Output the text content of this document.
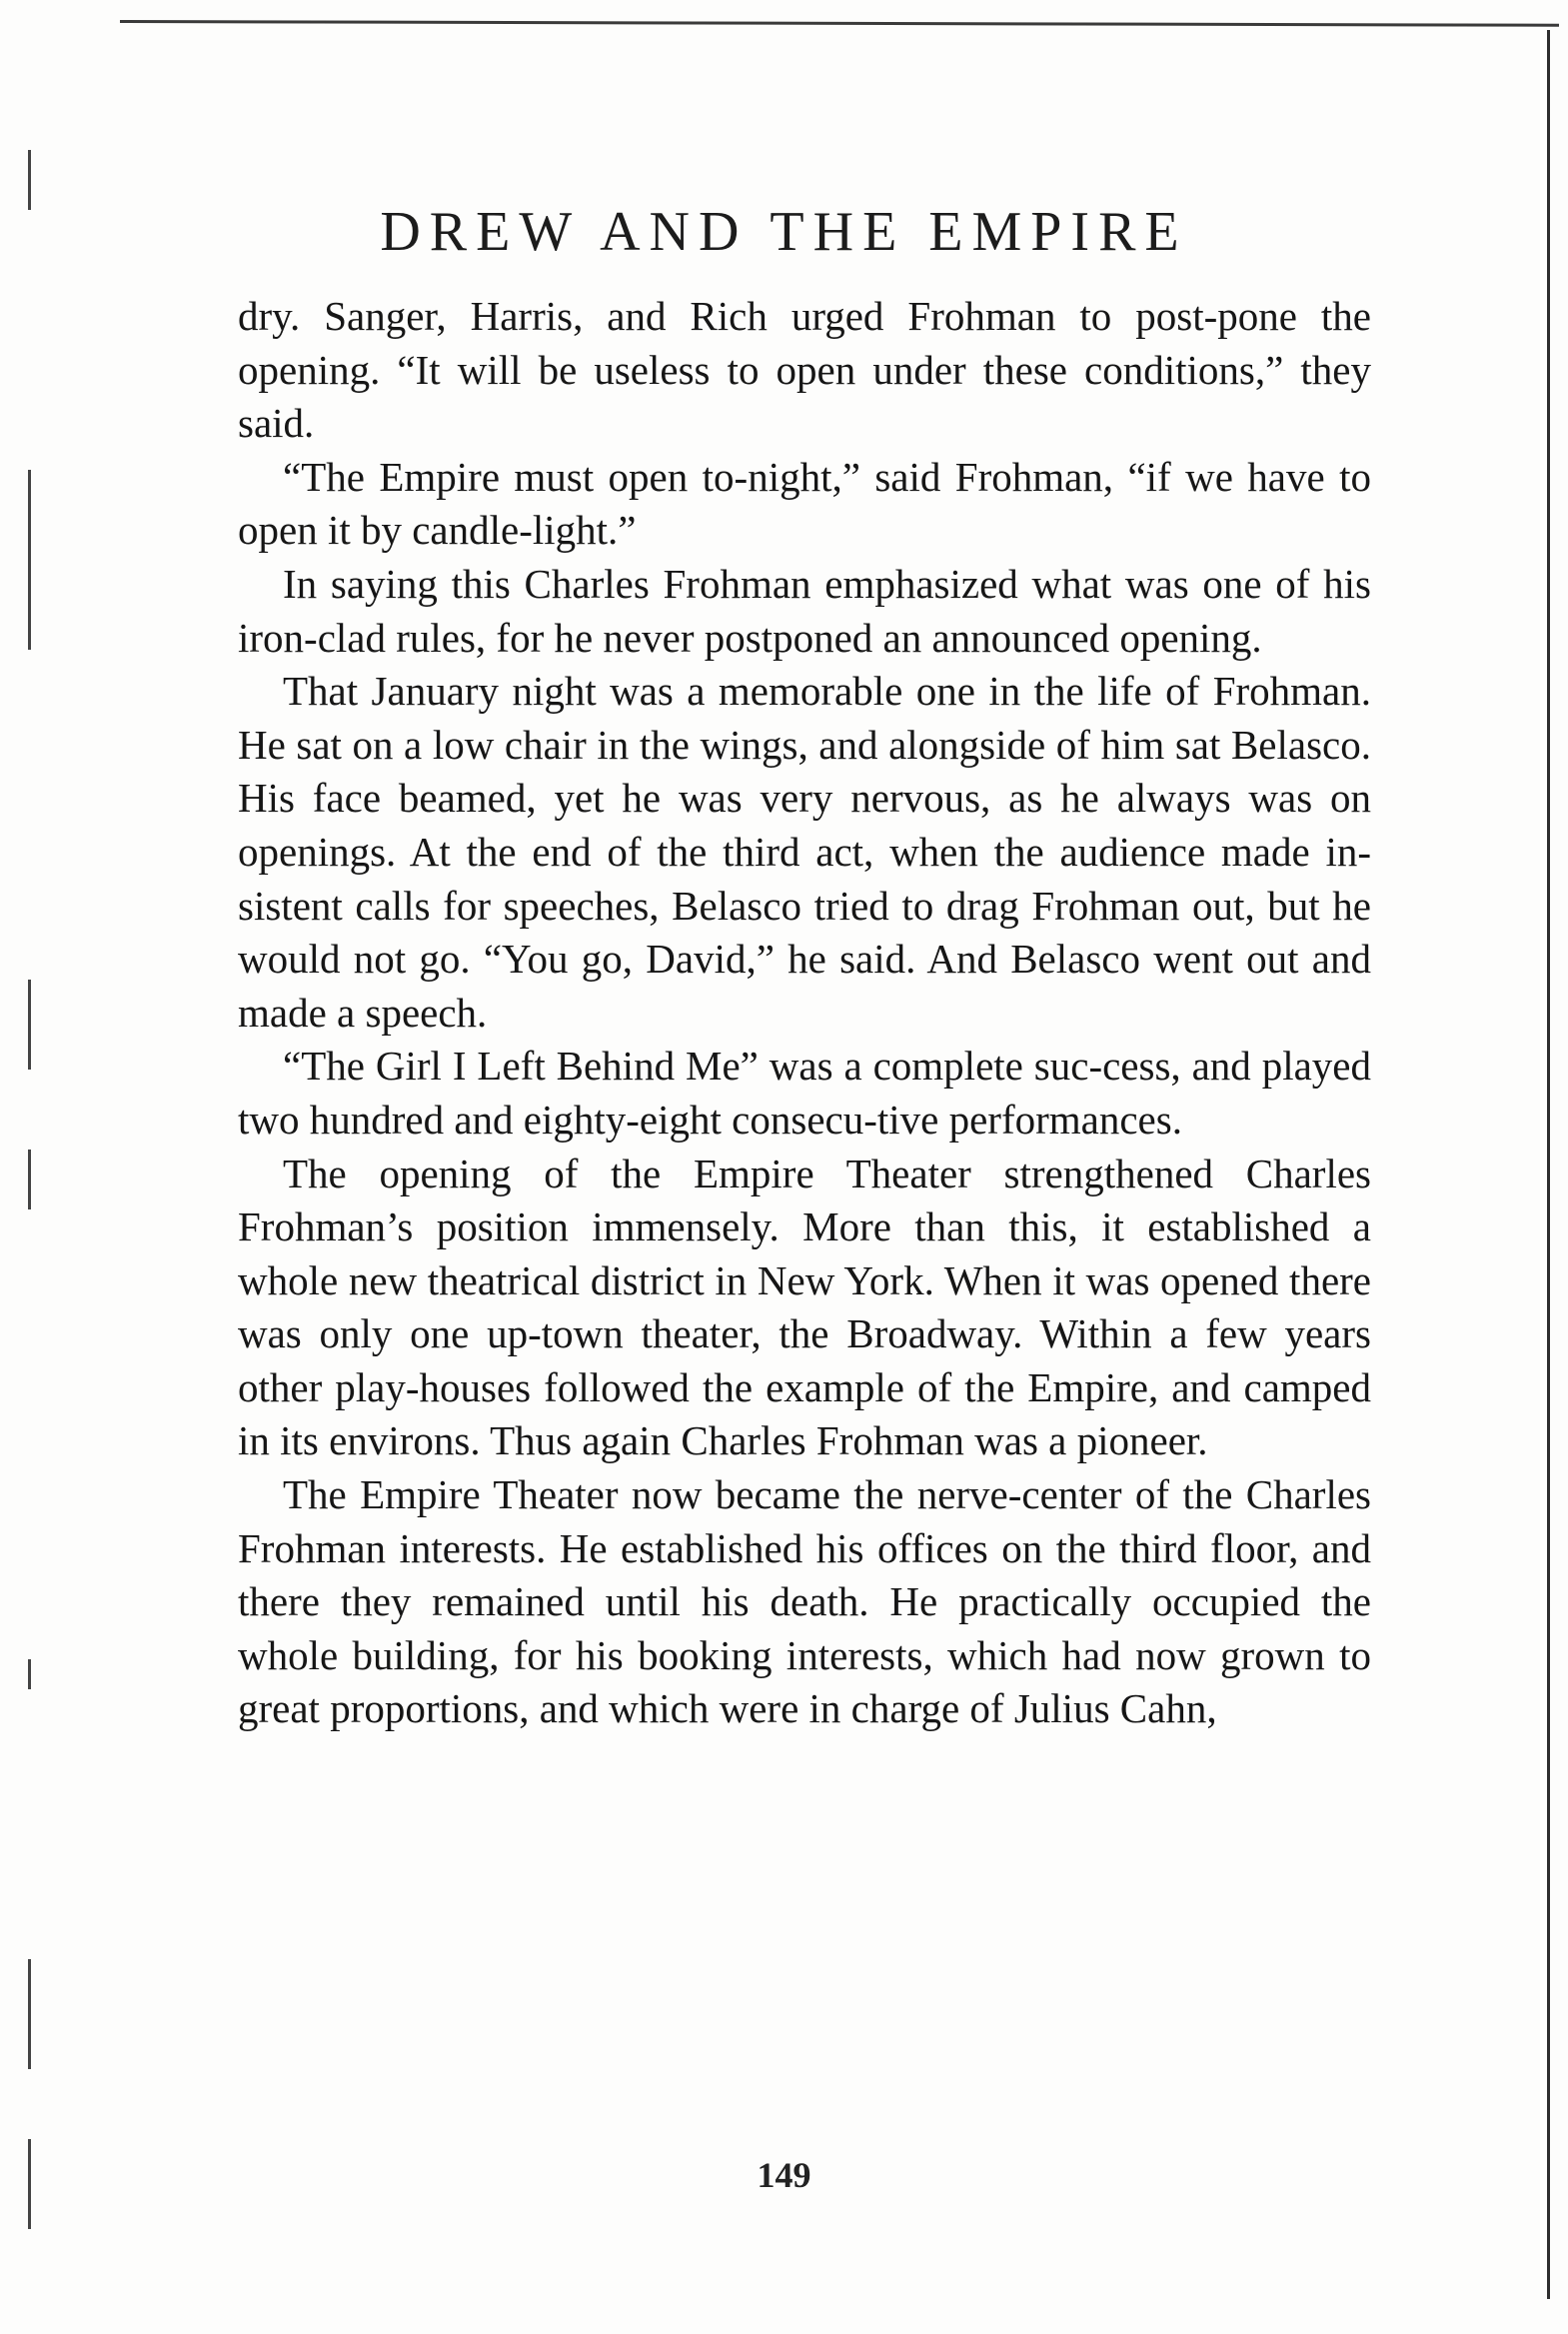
DREW AND THE EMPIRE

dry. Sanger, Harris, and Rich urged Frohman to post-pone the opening. “It will be useless to open under these conditions,” they said.

“The Empire must open to-night,” said Frohman, “if we have to open it by candle-light.”

In saying this Charles Frohman emphasized what was one of his iron-clad rules, for he never postponed an announced opening.

That January night was a memorable one in the life of Frohman. He sat on a low chair in the wings, and alongside of him sat Belasco. His face beamed, yet he was very nervous, as he always was on openings. At the end of the third act, when the audience made in-sistent calls for speeches, Belasco tried to drag Frohman out, but he would not go. “You go, David,” he said. And Belasco went out and made a speech.

“The Girl I Left Behind Me” was a complete suc-cess, and played two hundred and eighty-eight consecu-tive performances.

The opening of the Empire Theater strengthened Charles Frohman’s position immensely. More than this, it established a whole new theatrical district in New York. When it was opened there was only one up-town theater, the Broadway. Within a few years other play-houses followed the example of the Empire, and camped in its environs. Thus again Charles Frohman was a pioneer.

The Empire Theater now became the nerve-center of the Charles Frohman interests. He established his offices on the third floor, and there they remained until his death. He practically occupied the whole building, for his booking interests, which had now grown to great proportions, and which were in charge of Julius Cahn,

149
